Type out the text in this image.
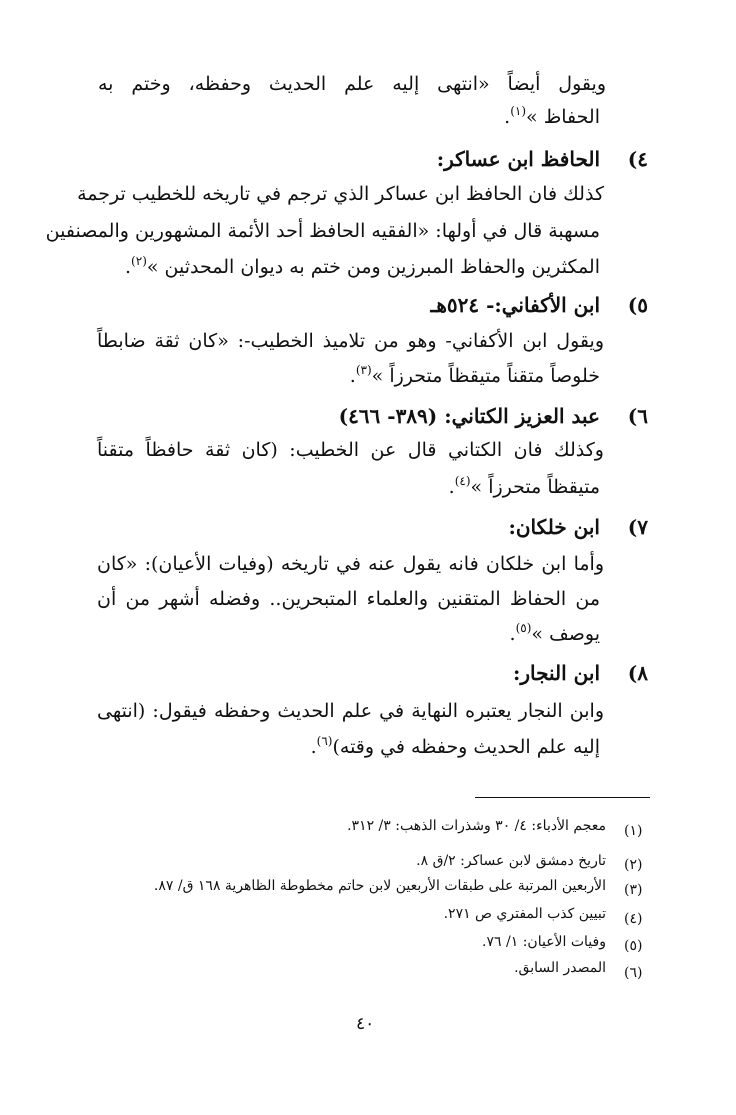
ويقول أيضاً «انتهى إليه علم الحديث وحفظه، وختم به
الحفاظ »$^{(١)}$.
٤)
الحافظ ابن عساكر:
كذلك فان الحافظ ابن عساكر الذي ترجم في تاريخه للخطيب ترجمة
مسهبة قال في أولها: «الفقيه الحافظ أحد الأئمة المشهورين والمصنفين
المكثرين والحفاظ المبرزين ومن ختم به ديوان المحدثين »$^{(٢)}$.
٥)
ابن الأكفاني:- ٥٢٤هـ
ويقول ابن الأكفاني- وهو من تلاميذ الخطيب-: «كان ثقة ضابطاً
خلوصاً متقناً متيقظاً متحرزاً »$^{(٣)}$.
٦)
عبد العزيز الكتاني: (٣٨٩- ٤٦٦)
وكذلك فان الكتاني قال عن الخطيب: (كان ثقة حافظاً متقناً
متيقظاً متحرزاً »$^{(٤)}$.
٧)
ابن خلكان:
وأما ابن خلكان فانه يقول عنه في تاريخه (وفيات الأعيان): «كان
من الحفاظ المتقنين والعلماء المتبحرين.. وفضله أشهر من أن
يوصف »$^{(٥)}$.
٨)
ابن النجار:
وابن النجار يعتبره النهاية في علم الحديث وحفظه فيقول: (انتهى
إليه علم الحديث وحفظه في وقته)$^{(٦)}$.
(١)
معجم الأدباء: ٤/ ٣٠ وشذرات الذهب: ٣/ ٣١٢.
(٢)
تاريخ دمشق لابن عساكر: ٢/ق ٨.
(٣)
الأربعين المرتبة على طبقات الأربعين لابن حاتم مخطوطة الظاهرية ١٦٨ ق/ ٨٧.
(٤)
تبيين كذب المفتري ص ٢٧١.
(٥)
وفيات الأعيان: ١/ ٧٦.
(٦)
المصدر السابق.
٤٠
